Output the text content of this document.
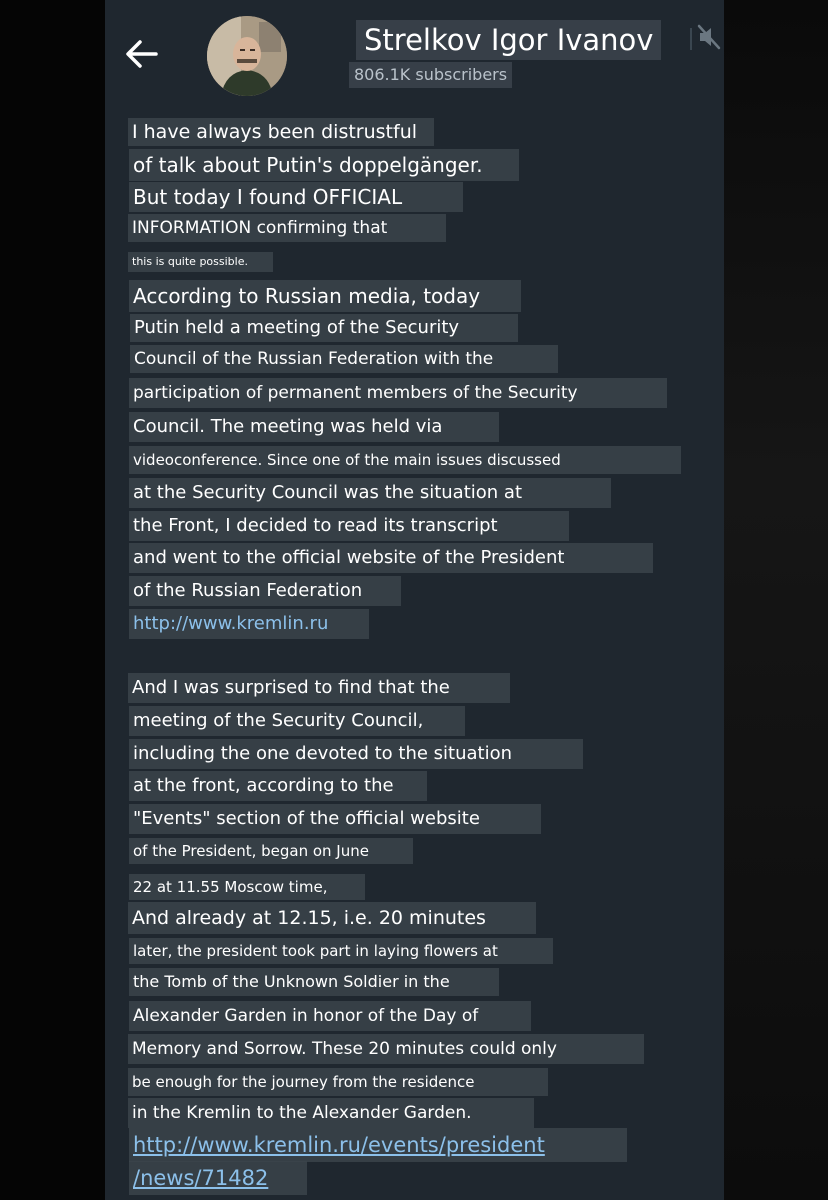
Strelkov Igor Ivanov
806.1K subscribers
I have always been distrustful
of talk about Putin's doppelgänger.
But today I found OFFICIAL
INFORMATION confirming that
this is quite possible.
According to Russian media, today
Putin held a meeting of the Security
Council of the Russian Federation with the
participation of permanent members of the Security
Council. The meeting was held via
videoconference. Since one of the main issues discussed
at the Security Council was the situation at
the Front, I decided to read its transcript
and went to the official website of the President
of the Russian Federation
http://www.kremlin.ru
And I was surprised to find that the
meeting of the Security Council,
including the one devoted to the situation
at the front, according to the
"Events" section of the official website
of the President, began on June
22 at 11.55 Moscow time,
And already at 12.15, i.e. 20 minutes
later, the president took part in laying flowers at
the Tomb of the Unknown Soldier in the
Alexander Garden in honor of the Day of
Memory and Sorrow. These 20 minutes could only
be enough for the journey from the residence
in the Kremlin to the Alexander Garden.
http://www.kremlin.ru/events/president
/news/71482
